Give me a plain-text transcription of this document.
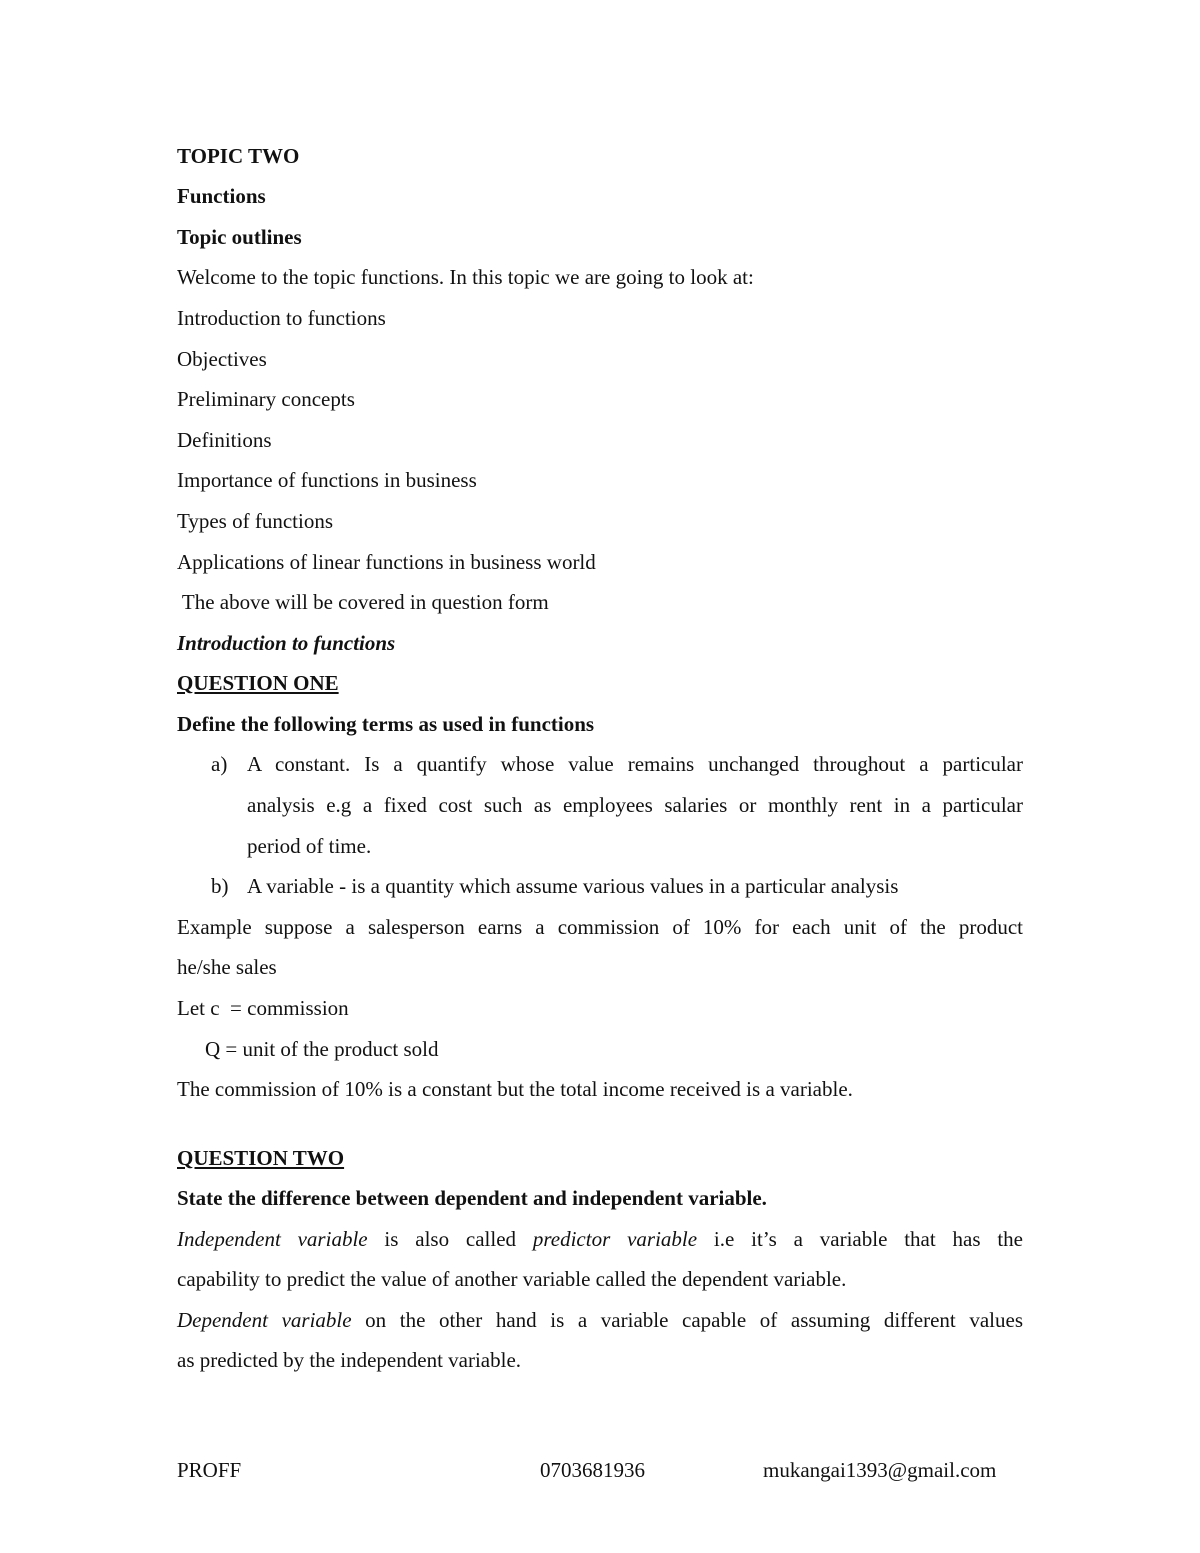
TOPIC TWO
Functions
Topic outlines
Welcome to the topic functions. In this topic we are going to look at:
Introduction to functions
Objectives
Preliminary concepts
Definitions
Importance of functions in business
Types of functions
Applications of linear functions in business world
The above will be covered in question form
Introduction to functions
QUESTION ONE
Define the following terms as used in functions
a) A constant. Is a quantify whose value remains unchanged throughout a particular
analysis e.g a fixed cost such as employees salaries or monthly rent in a particular
period of time.
b) A variable - is a quantity which assume various values in a particular analysis
Example suppose a salesperson earns a commission of 10% for each unit of the product
he/she sales
Let c  = commission
Q = unit of the product sold
The commission of 10% is a constant but the total income received is a variable.
QUESTION TWO
State the difference between dependent and independent variable.
Independent variable is also called predictor variable i.e it’s a variable that has the
capability to predict the value of another variable called the dependent variable.
Dependent variable on the other hand is a variable capable of assuming different values
as predicted by the independent variable.
PROFF	0703681936	mukangai1393@gmail.com
